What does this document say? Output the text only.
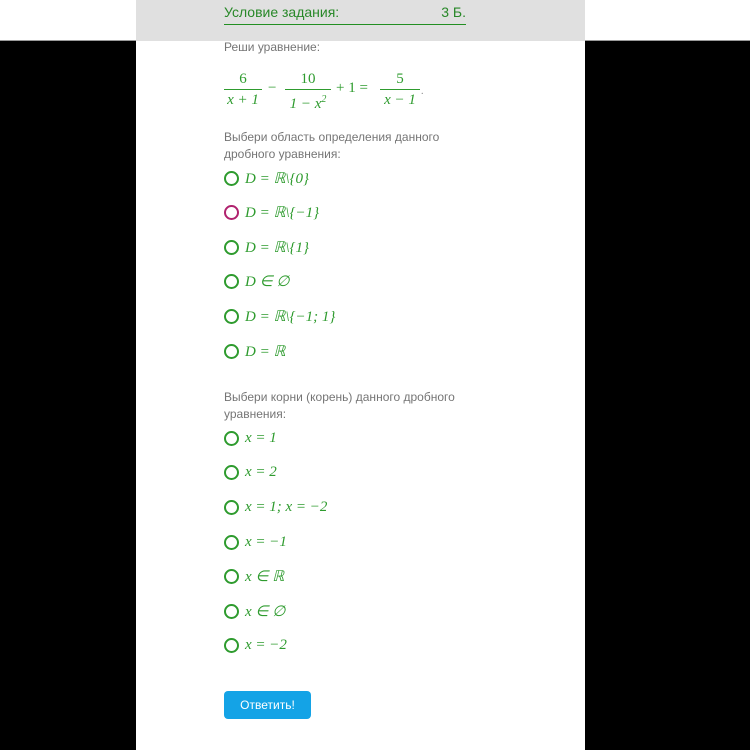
Условие задания:	3 Б.
Реши уравнение:
6
x + 1
−
10
$1 - x^2$
+ 1 =
5
x − 1
.
Выбери область определения данного дробного уравнения:
D = ℝ\{0}
D = ℝ\{−1}
D = ℝ\{1}
D ∈ ∅
D = ℝ\{−1; 1}
D = ℝ
Выбери корни (корень) данного дробного уравнения:
x = 1
x = 2
x = 1; x = −2
x = −1
x ∈ ℝ
x ∈ ∅
x = −2
Ответить!
